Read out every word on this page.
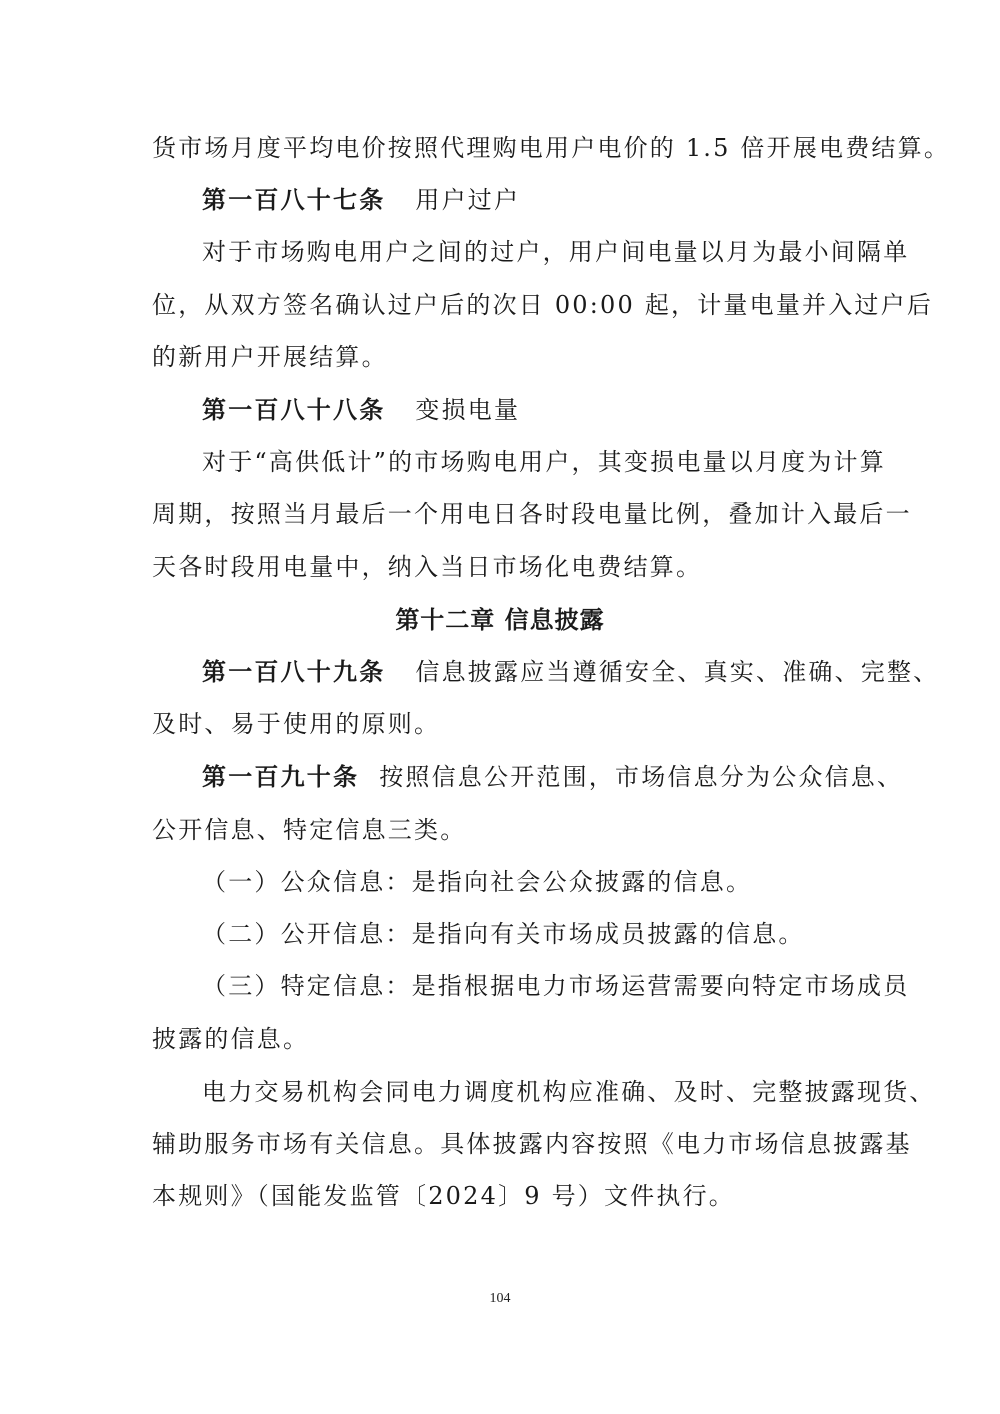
货市场月度平均电价按照代理购电用户电价的 1.5 倍开展电费结算。
第一百八十七条 用户过户
对于市场购电用户之间的过户，用户间电量以月为最小间隔单
位，从双方签名确认过户后的次日 00:00 起，计量电量并入过户后
的新用户开展结算。
第一百八十八条 变损电量
对于“高供低计”的市场购电用户，其变损电量以月度为计算
周期，按照当月最后一个用电日各时段电量比例，叠加计入最后一
天各时段用电量中，纳入当日市场化电费结算。
第十二章 信息披露
第一百八十九条 信息披露应当遵循安全、真实、准确、完整、
及时、易于使用的原则。
第一百九十条 按照信息公开范围，市场信息分为公众信息、
公开信息、特定信息三类。
（一）公众信息：是指向社会公众披露的信息。
（二）公开信息：是指向有关市场成员披露的信息。
（三）特定信息：是指根据电力市场运营需要向特定市场成员
披露的信息。
电力交易机构会同电力调度机构应准确、及时、完整披露现货、
辅助服务市场有关信息。具体披露内容按照《电力市场信息披露基
本规则》（国能发监管〔2024〕9 号）文件执行。
104
